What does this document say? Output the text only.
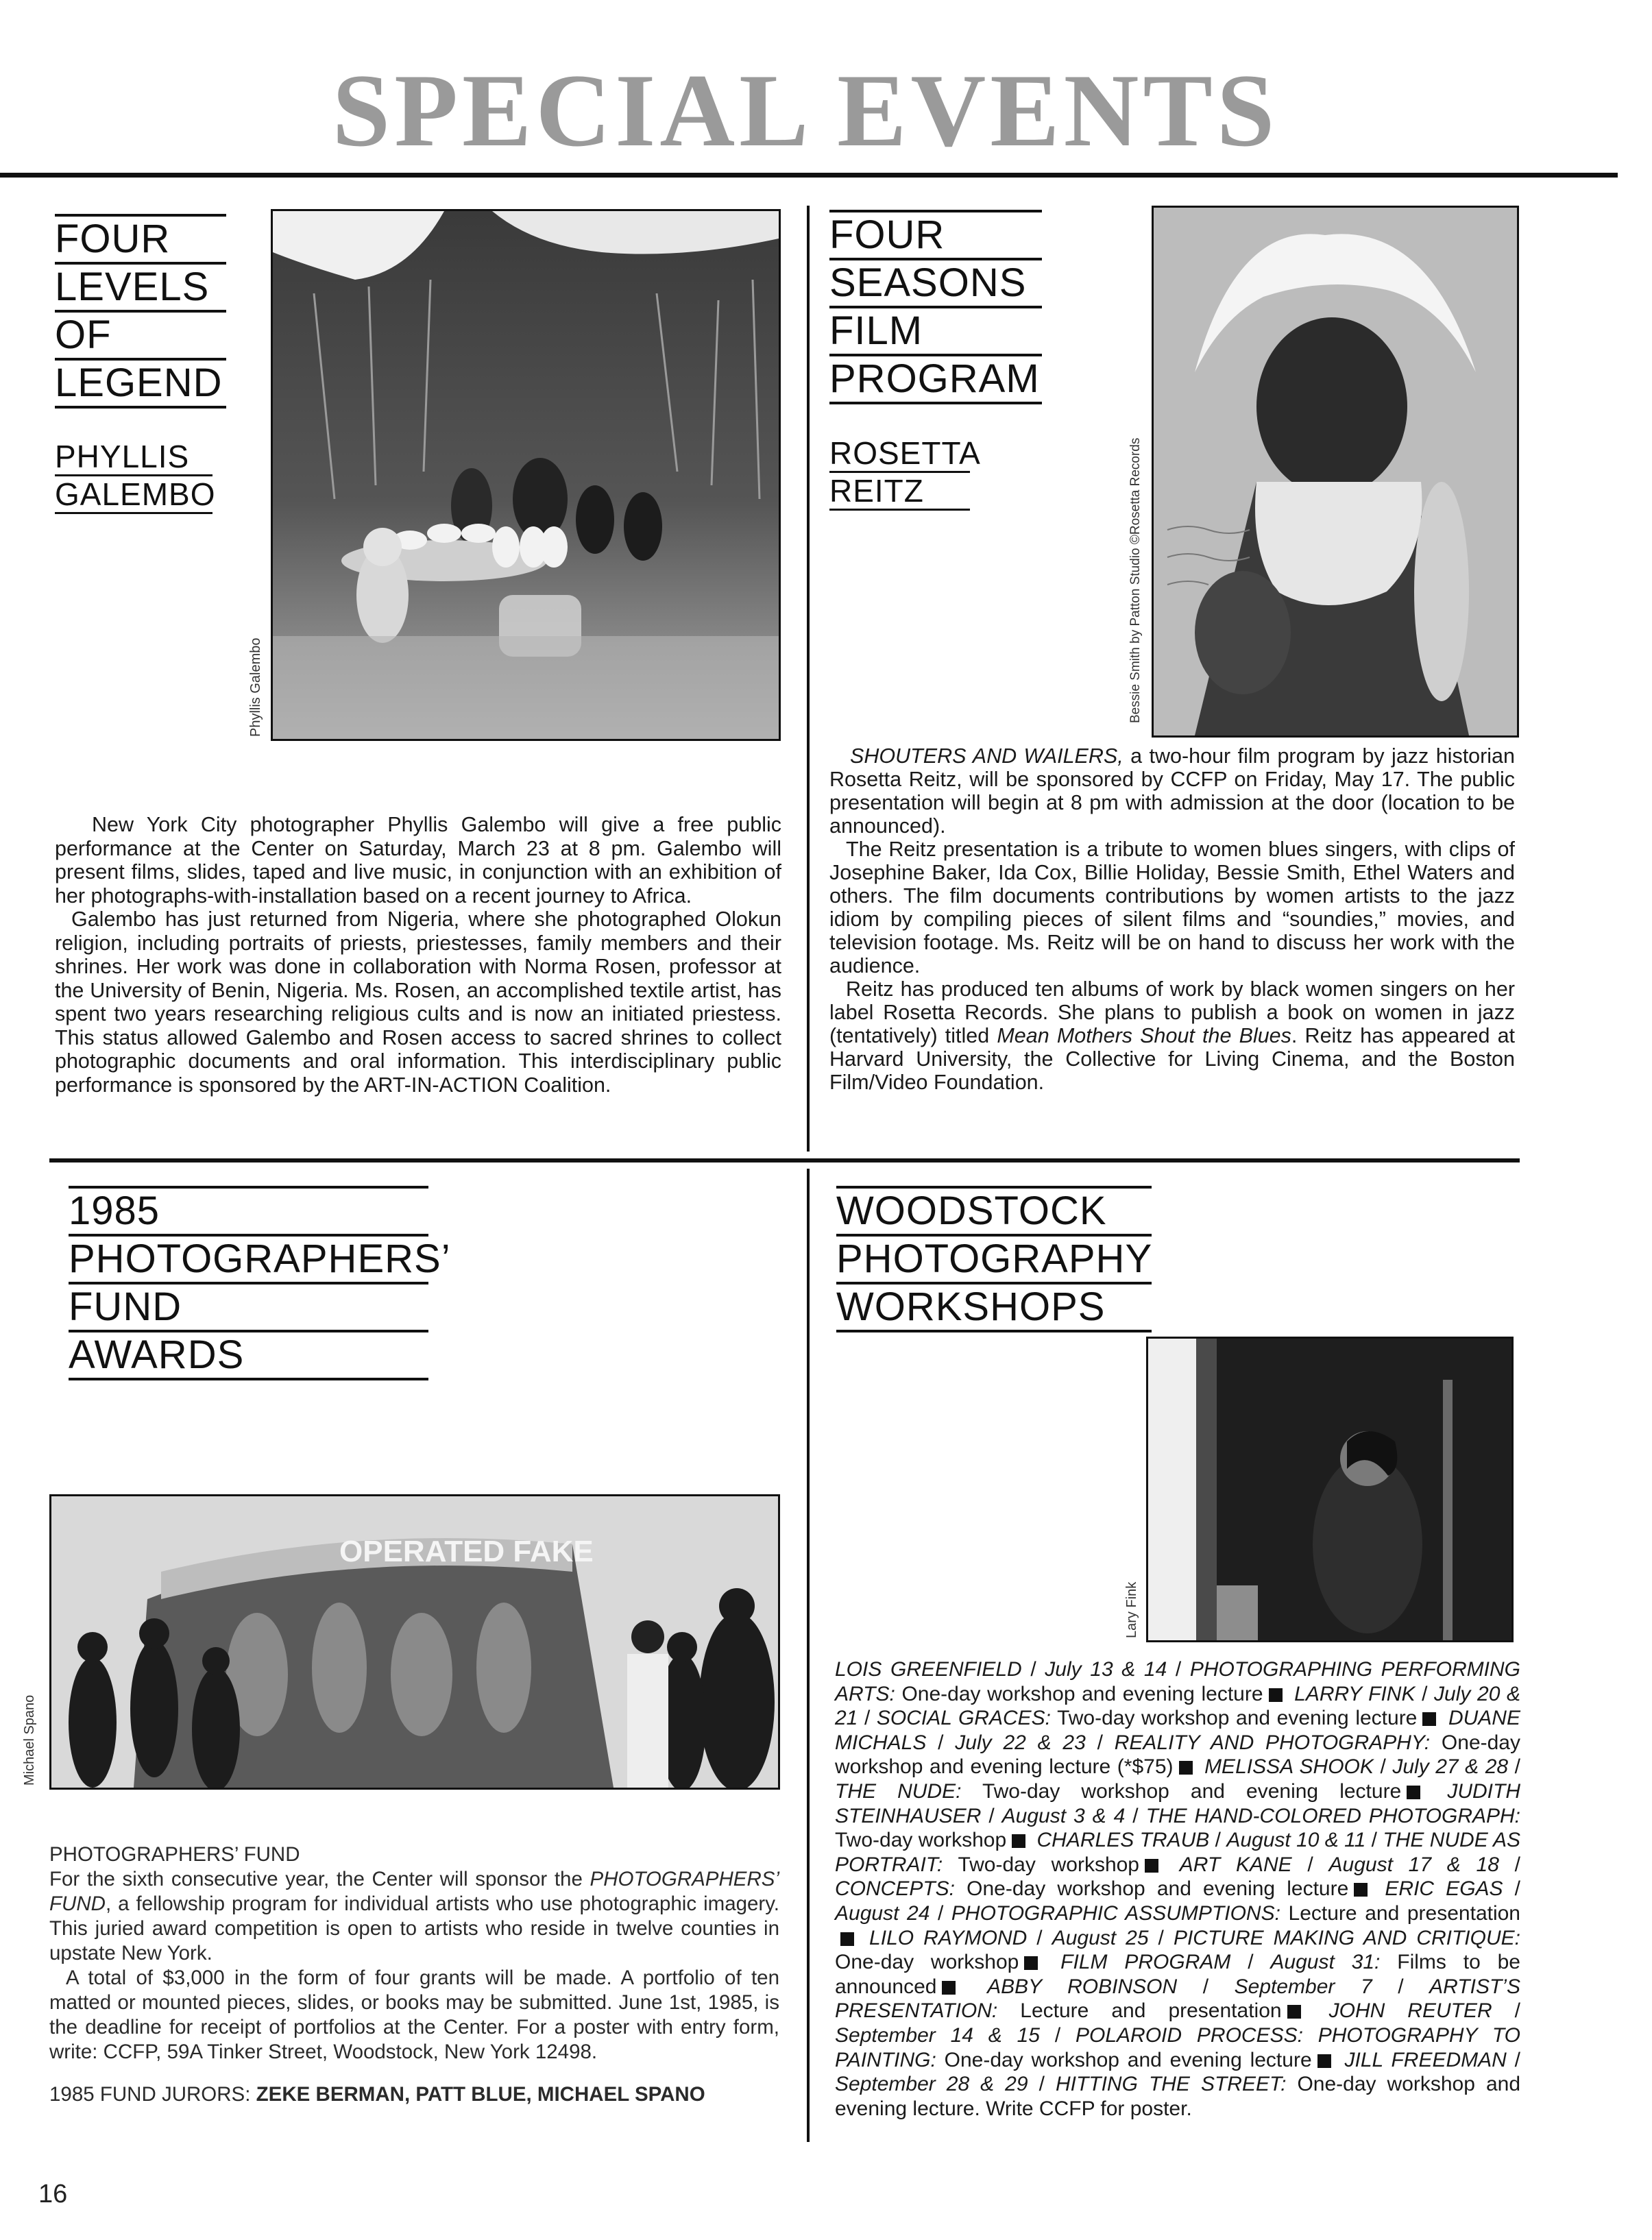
SPECIAL EVENTS
FOUR
LEVELS
OF
LEGEND
PHYLLIS
GALEMBO
Phyllis Galembo

New York City photographer Phyllis Galembo will give a free public performance at the Center on Saturday, March 23 at 8 pm. Galembo will present films, slides, taped and live music, in conjunction with an exhibition of her photographs-with-installation based on a recent journey to Africa.

Galembo has just returned from Nigeria, where she photographed Olokun religion, including portraits of priests, priestesses, family members and their shrines. Her work was done in collaboration with Norma Rosen, professor at the University of Benin, Nigeria. Ms. Rosen, an accomplished textile artist, has spent two years researching religious cults and is now an initiated priestess. This status allowed Galembo and Rosen access to sacred shrines to collect photographic documents and oral information. This interdisciplinary public performance is sponsored by the ART-IN-ACTION Coalition.

FOUR
SEASONS
FILM
PROGRAM
ROSETTA
REITZ	Bessie Smith by Patton Studio ©Rosetta Records

SHOUTERS AND WAILERS, a two-hour film program by jazz historian Rosetta Reitz, will be sponsored by CCFP on Friday, May 17. The public presentation will begin at 8 pm with admission at the door (location to be announced).

The Reitz presentation is a tribute to women blues singers, with clips of Josephine Baker, Ida Cox, Billie Holiday, Bessie Smith, Ethel Waters and others. The film documents contributions by women artists to the jazz idiom by compiling pieces of silent films and “soundies,” movies, and television footage. Ms. Reitz will be on hand to discuss her work with the audience.

Reitz has produced ten albums of work by black women singers on her label Rosetta Records. She plans to publish a book on women in jazz (tentatively) titled Mean Mothers Shout the Blues. Reitz has appeared at Harvard University, the Collective for Living Cinema, and the Boston Film/Video Foundation.

1985
PHOTOGRAPHERS’
FUND
AWARDS
OPERATED FAKE
Michael Spano
PHOTOGRAPHERS’ FUND

For the sixth consecutive year, the Center will sponsor the PHOTOGRAPHERS’ FUND, a fellowship program for individual artists who use photographic imagery. This juried award competition is open to artists who reside in twelve counties in upstate New York.

A total of $3,000 in the form of four grants will be made. A portfolio of ten matted or mounted pieces, slides, or books may be submitted. June 1st, 1985, is the deadline for receipt of portfolios at the Center. For a poster with entry form, write: CCFP, 59A Tinker Street, Woodstock, New York 12498.

1985 FUND JURORS: ZEKE BERMAN, PATT BLUE, MICHAEL SPANO
WOODSTOCK
PHOTOGRAPHY
WORKSHOPS
Lary Fink
LOIS GREENFIELD / July 13 & 14 / PHOTOGRAPHING PERFORMING ARTS: One-day workshop and evening lecture LARRY FINK / July 20 & 21 / SOCIAL GRACES: Two-day workshop and evening lecture DUANE MICHALS / July 22 & 23 / REALITY AND PHOTOGRAPHY: One-day workshop and evening lecture (*$75) MELISSA SHOOK / July 27 & 28 / THE NUDE: Two-day workshop and evening lecture JUDITH STEINHAUSER / August 3 & 4 / THE HAND-COLORED PHOTOGRAPH: Two-day workshop CHARLES TRAUB / August 10 & 11 / THE NUDE AS PORTRAIT: Two-day workshop ART KANE / August 17 & 18 / CONCEPTS: One-day workshop and evening lecture ERIC EGAS / August 24 / PHOTOGRAPHIC ASSUMPTIONS: Lecture and presentation LILO RAYMOND / August 25 / PICTURE MAKING AND CRITIQUE: One-day workshop FILM PROGRAM / August 31: Films to be announced ABBY ROBINSON / September 7 / ARTIST’S PRESENTATION: Lecture and presentation JOHN REUTER / September 14 & 15 / POLAROID PROCESS: PHOTOGRAPHY TO PAINTING: One-day workshop and evening lecture JILL FREEDMAN / September 28 & 29 / HITTING THE STREET: One-day workshop and evening lecture. Write CCFP for poster.
16
